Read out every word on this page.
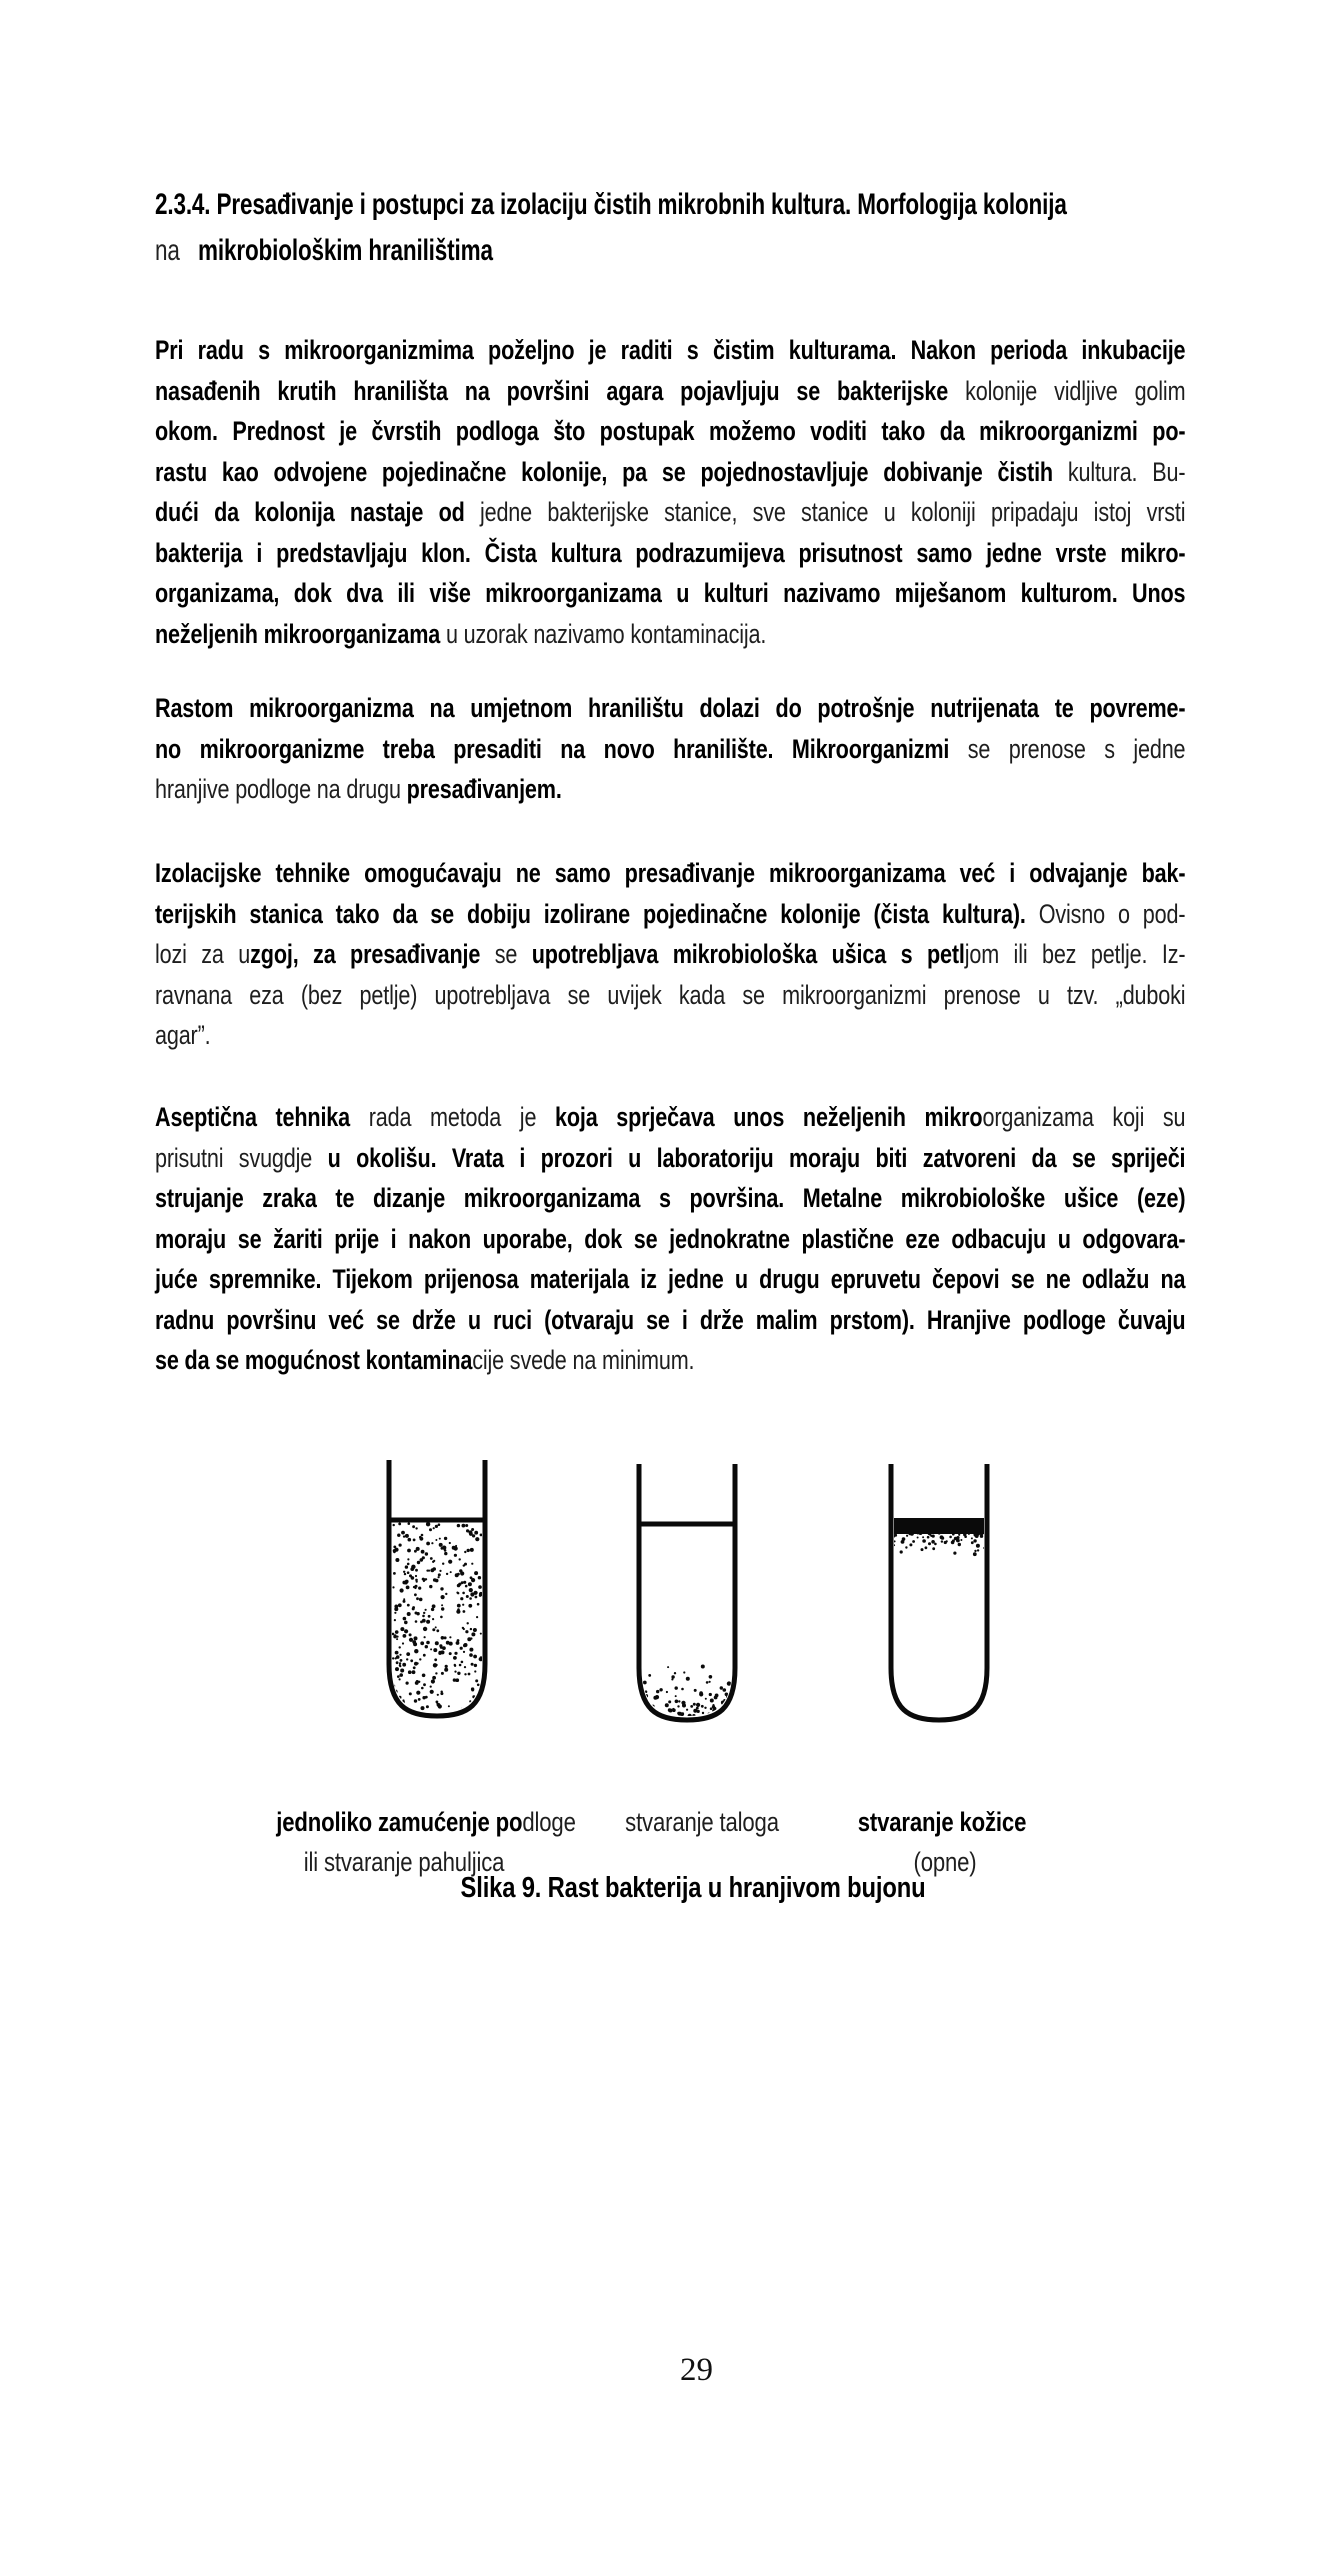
2.3.4. Presađivanje i postupci za izolaciju čistih mikrobnih kultura. Morfologija kolonija
na   mikrobiološkim hranilištima
Pri radu s mikroorganizmima poželjno je raditi s čistim kulturama. Nakon perioda inkubacije
nasađenih krutih hranilišta na površini agara pojavljuju se bakterijske kolonije vidljive golim
okom. Prednost je čvrstih podloga što postupak možemo voditi tako da mikroorganizmi po-
rastu kao odvojene pojedinačne kolonije, pa se pojednostavljuje dobivanje čistih kultura. Bu-
dući da kolonija nastaje od jedne bakterijske stanice, sve stanice u koloniji pripadaju istoj vrsti
bakterija i predstavljaju klon. Čista kultura podrazumijeva prisutnost samo jedne vrste mikro-
organizama, dok dva ili više mikroorganizama u kulturi nazivamo miješanom kulturom. Unos
neželjenih mikroorganizama u uzorak nazivamo kontaminacija.
Rastom mikroorganizma na umjetnom hranilištu dolazi do potrošnje nutrijenata te povreme-
no mikroorganizme treba presaditi na novo hranilište. Mikroorganizmi se prenose s jedne
hranjive podloge na drugu presađivanjem.
Izolacijske tehnike omogućavaju ne samo presađivanje mikroorganizama već i odvajanje bak-
terijskih stanica tako da se dobiju izolirane pojedinačne kolonije (čista kultura). Ovisno o pod-
lozi za uzgoj, za presađivanje se upotrebljava mikrobiološka ušica s petljom ili bez petlje. Iz-
ravnana eza (bez petlje) upotrebljava se uvijek kada se mikroorganizmi prenose u tzv. „duboki
agar”.
Aseptična tehnika rada metoda je koja sprječava unos neželjenih mikroorganizama koji su
prisutni svugdje u okolišu. Vrata i prozori u laboratoriju moraju biti zatvoreni da se spriječi
strujanje zraka te dizanje mikroorganizama s površina. Metalne mikrobiološke ušice (eze)
moraju se žariti prije i nakon uporabe, dok se jednokratne plastične eze odbacuju u odgovara-
juće spremnike. Tijekom prijenosa materijala iz jedne u drugu epruvetu čepovi se ne odlažu na
radnu površinu već se drže u ruci (otvaraju se i drže malim prstom). Hranjive podloge čuvaju
se da se mogućnost kontaminacije svede na minimum.
jednoliko zamućenje podloge
ili stvaranje pahuljica
stvaranje taloga	stvaranje kožice
(opne)
Slika 9. Rast bakterija u hranjivom bujonu
29
